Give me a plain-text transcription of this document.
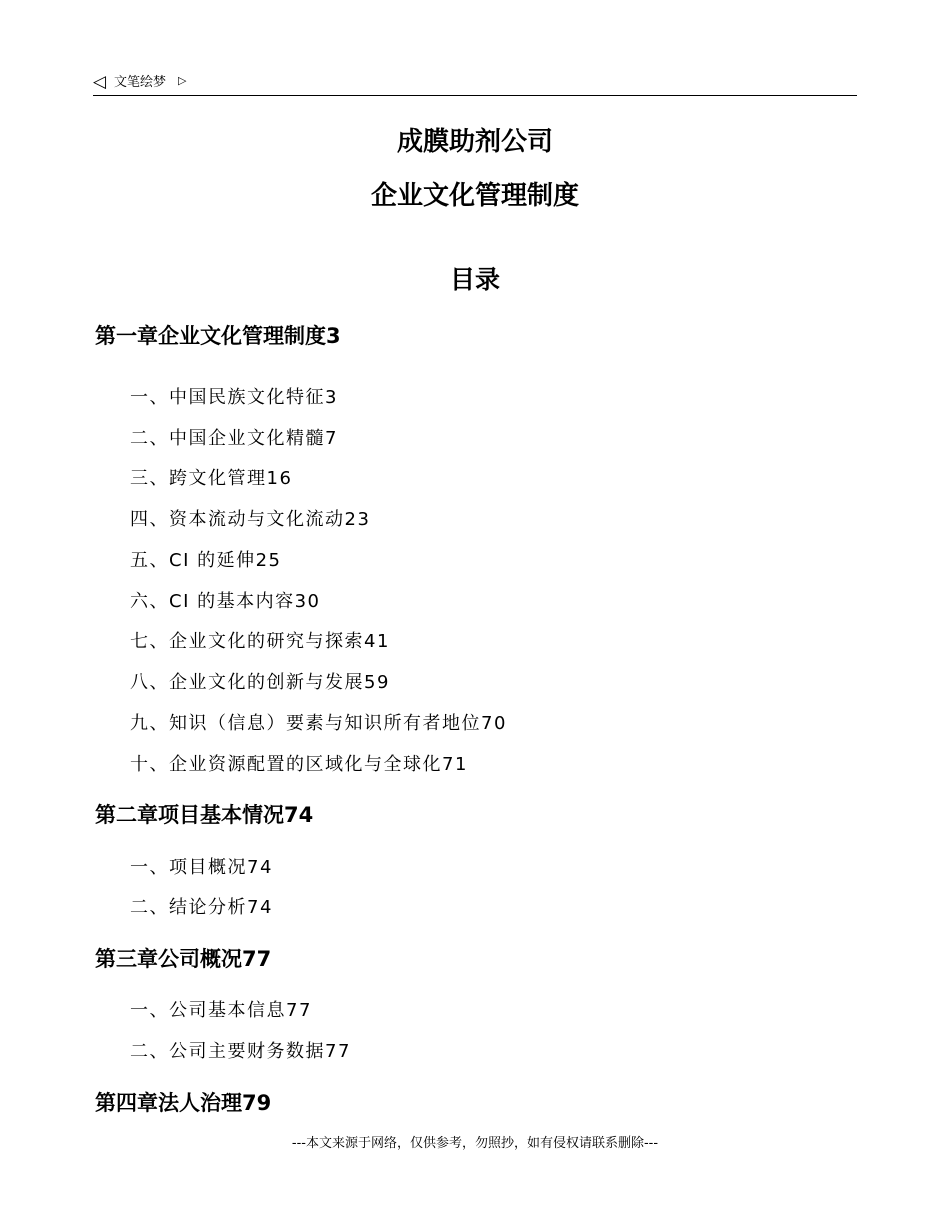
◁ 文笔绘梦 ▷
成膜助剂公司
企业文化管理制度
目录
第一章企业文化管理制度3
一、中国民族文化特征3
二、中国企业文化精髓7
三、跨文化管理16
四、资本流动与文化流动23
五、CI 的延伸25
六、CI 的基本内容30
七、企业文化的研究与探索41
八、企业文化的创新与发展59
九、知识（信息）要素与知识所有者地位70
十、企业资源配置的区域化与全球化71
第二章项目基本情况74
一、项目概况74
二、结论分析74
第三章公司概况77
一、公司基本信息77
二、公司主要财务数据77
第四章法人治理79
---本文来源于网络，仅供参考，勿照抄，如有侵权请联系删除---
